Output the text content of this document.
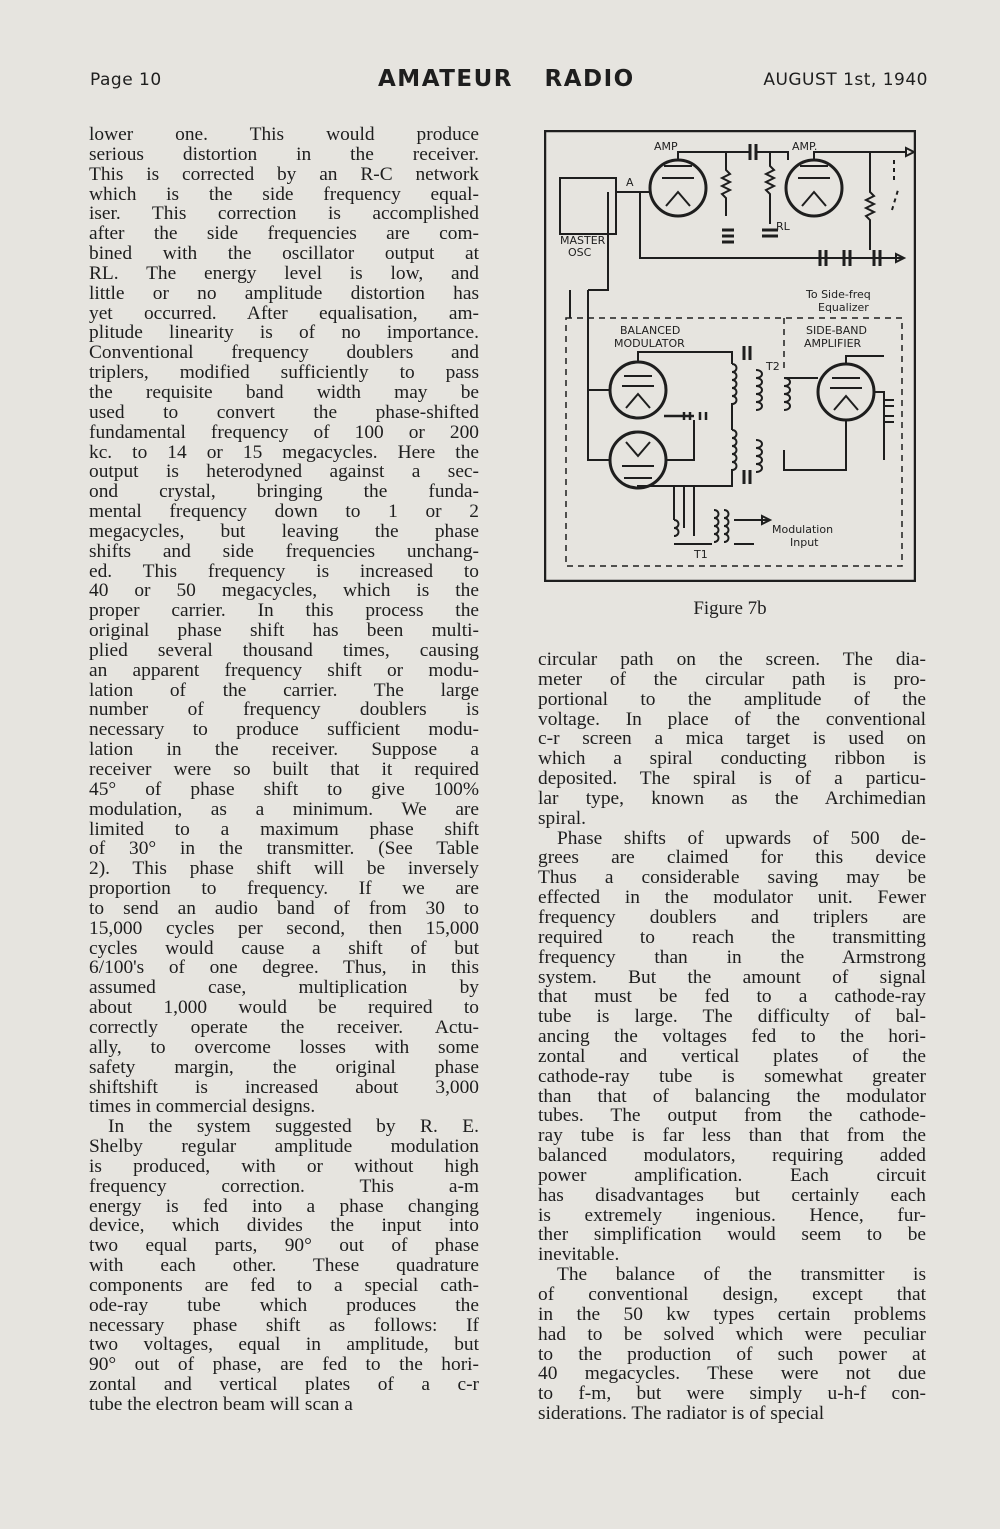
Page 10	AMATEUR RADIO	AUGUST 1st, 1940
lower one. This would produce
serious distortion in the receiver.
This is corrected by an R-C network
which is the side frequency equal-
iser. This correction is accomplished
after the side frequencies are com-
bined with the oscillator output at
RL. The energy level is low, and
little or no amplitude distortion has
yet occurred. After equalisation, am-
plitude linearity is of no importance.
Conventional frequency doublers and
triplers, modified sufficiently to pass
the requisite band width may be
used to convert the phase-shifted
fundamental frequency of 100 or 200
kc. to 14 or 15 megacycles. Here the
output is heterodyned against a sec-
ond crystal, bringing the funda-
mental frequency down to 1 or 2
megacycles, but leaving the phase
shifts and side frequencies unchang-
ed. This frequency is increased to
40 or 50 megacycles, which is the
proper carrier. In this process the
original phase shift has been multi-
plied several thousand times, causing
an apparent frequency shift or modu-
lation of the carrier. The large
number of frequency doublers is
necessary to produce sufficient modu-
lation in the receiver. Suppose a
receiver were so built that it required
45° of phase shift to give 100%
modulation, as a minimum. We are
limited to a maximum phase shift
of 30° in the transmitter. (See Table
2). This phase shift will be inversely
proportion to frequency. If we are
to send an audio band of from 30 to
15,000 cycles per second, then 15,000
cycles would cause a shift of but
6/100's of one degree. Thus, in this
assumed case, multiplication by
about 1,000 would be required to
correctly operate the receiver. Actu-
ally, to overcome losses with some
safety margin, the original phase
shiftshift is increased about 3,000
times in commercial designs.
In the system suggested by R. E.
Shelby regular amplitude modulation
is produced, with or without high
frequency correction. This a-m
energy is fed into a phase changing
device, which divides the input into
two equal parts, 90° out of phase
with each other. These quadrature
components are fed to a special cath-
ode-ray tube which produces the
necessary phase shift as follows: If
two voltages, equal in amplitude, but
90° out of phase, are fed to the hori-
zontal and vertical plates of a c-r
tube the electron beam will scan a
MASTER
OSC
AMP	AMP.
A
RL
To Side-freq
Equalizer
BALANCED
MODULATOR
SIDE-BAND
AMPLIFIER
T2
T1
Modulation
Input
Figure 7b
circular path on the screen. The dia-
meter of the circular path is pro-
portional to the amplitude of the
voltage. In place of the conventional
c-r screen a mica target is used on
which a spiral conducting ribbon is
deposited. The spiral is of a particu-
lar type, known as the Archimedian
spiral.
Phase shifts of upwards of 500 de-
grees are claimed for this device
Thus a considerable saving may be
effected in the modulator unit. Fewer
frequency doublers and triplers are
required to reach the transmitting
frequency than in the Armstrong
system. But the amount of signal
that must be fed to a cathode-ray
tube is large. The difficulty of bal-
ancing the voltages fed to the hori-
zontal and vertical plates of the
cathode-ray tube is somewhat greater
than that of balancing the modulator
tubes. The output from the cathode-
ray tube is far less than that from the
balanced modulators, requiring added
power amplification. Each circuit
has disadvantages but certainly each
is extremely ingenious. Hence, fur-
ther simplification would seem to be
inevitable.
The balance of the transmitter is
of conventional design, except that
in the 50 kw types certain problems
had to be solved which were peculiar
to the production of such power at
40 megacycles. These were not due
to f-m, but were simply u-h-f con-
siderations. The radiator is of special
